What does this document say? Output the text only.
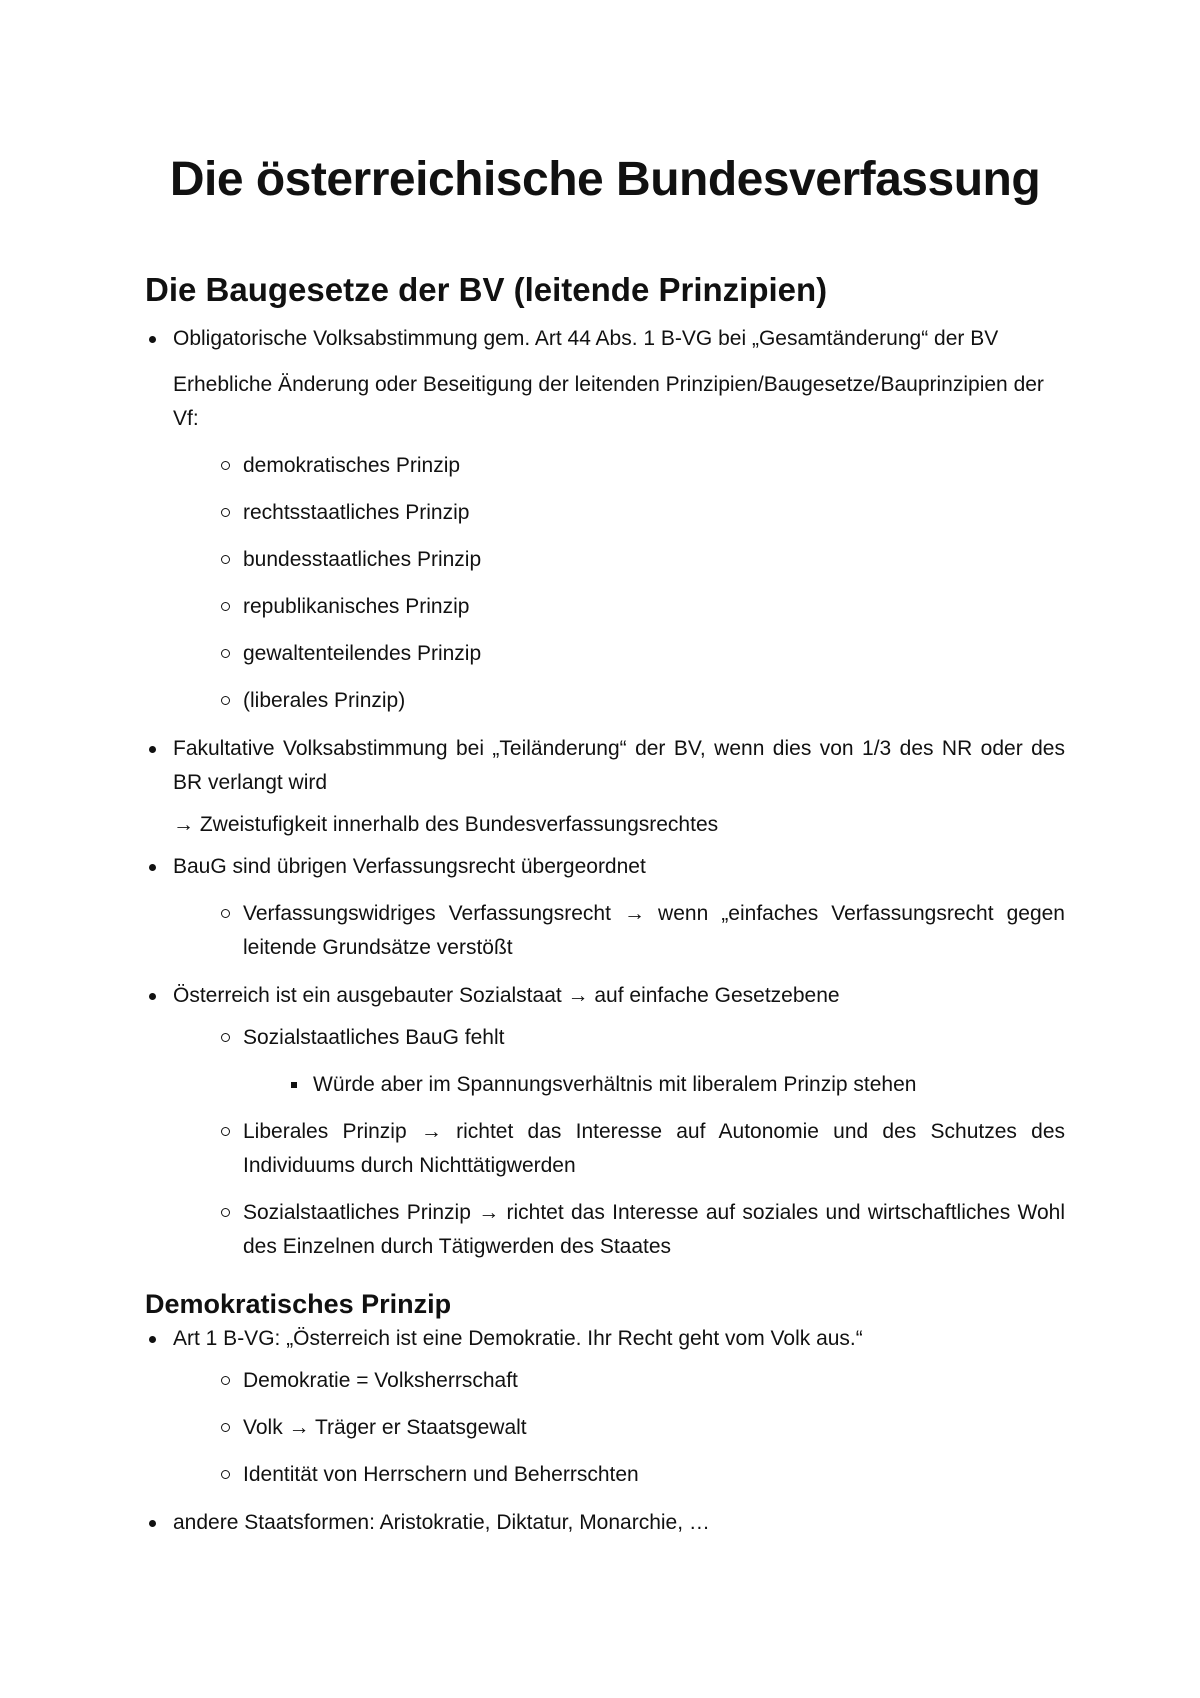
Die österreichische Bundesverfassung
Die Baugesetze der BV (leitende Prinzipien)
Obligatorische Volksabstimmung gem. Art 44 Abs. 1 B-VG bei „Gesamtänderung“ der BV
Erhebliche Änderung oder Beseitigung der leitenden Prinzipien/Baugesetze/Bauprinzipien der Vf:
demokratisches Prinzip
rechtsstaatliches Prinzip
bundesstaatliches Prinzip
republikanisches Prinzip
gewaltenteilendes Prinzip
(liberales Prinzip)
Fakultative Volksabstimmung bei „Teiländerung“ der BV, wenn dies von 1/3 des NR oder des BR verlangt wird
→ Zweistufigkeit innerhalb des Bundesverfassungsrechtes
BauG sind übrigen Verfassungsrecht übergeordnet
Verfassungswidriges Verfassungsrecht → wenn „einfaches Verfassungsrecht gegen leitende Grundsätze verstößt
Österreich ist ein ausgebauter Sozialstaat → auf einfache Gesetzebene
Sozialstaatliches BauG fehlt
Würde aber im Spannungsverhältnis mit liberalem Prinzip stehen
Liberales Prinzip → richtet das Interesse auf Autonomie und des Schutzes des Individuums durch Nichttätigwerden
Sozialstaatliches Prinzip → richtet das Interesse auf soziales und wirtschaftliches Wohl des Einzelnen durch Tätigwerden des Staates
Demokratisches Prinzip
Art 1 B-VG: „Österreich ist eine Demokratie. Ihr Recht geht vom Volk aus.“
Demokratie = Volksherrschaft
Volk → Träger er Staatsgewalt
Identität von Herrschern und Beherrschten
andere Staatsformen: Aristokratie, Diktatur, Monarchie, …
